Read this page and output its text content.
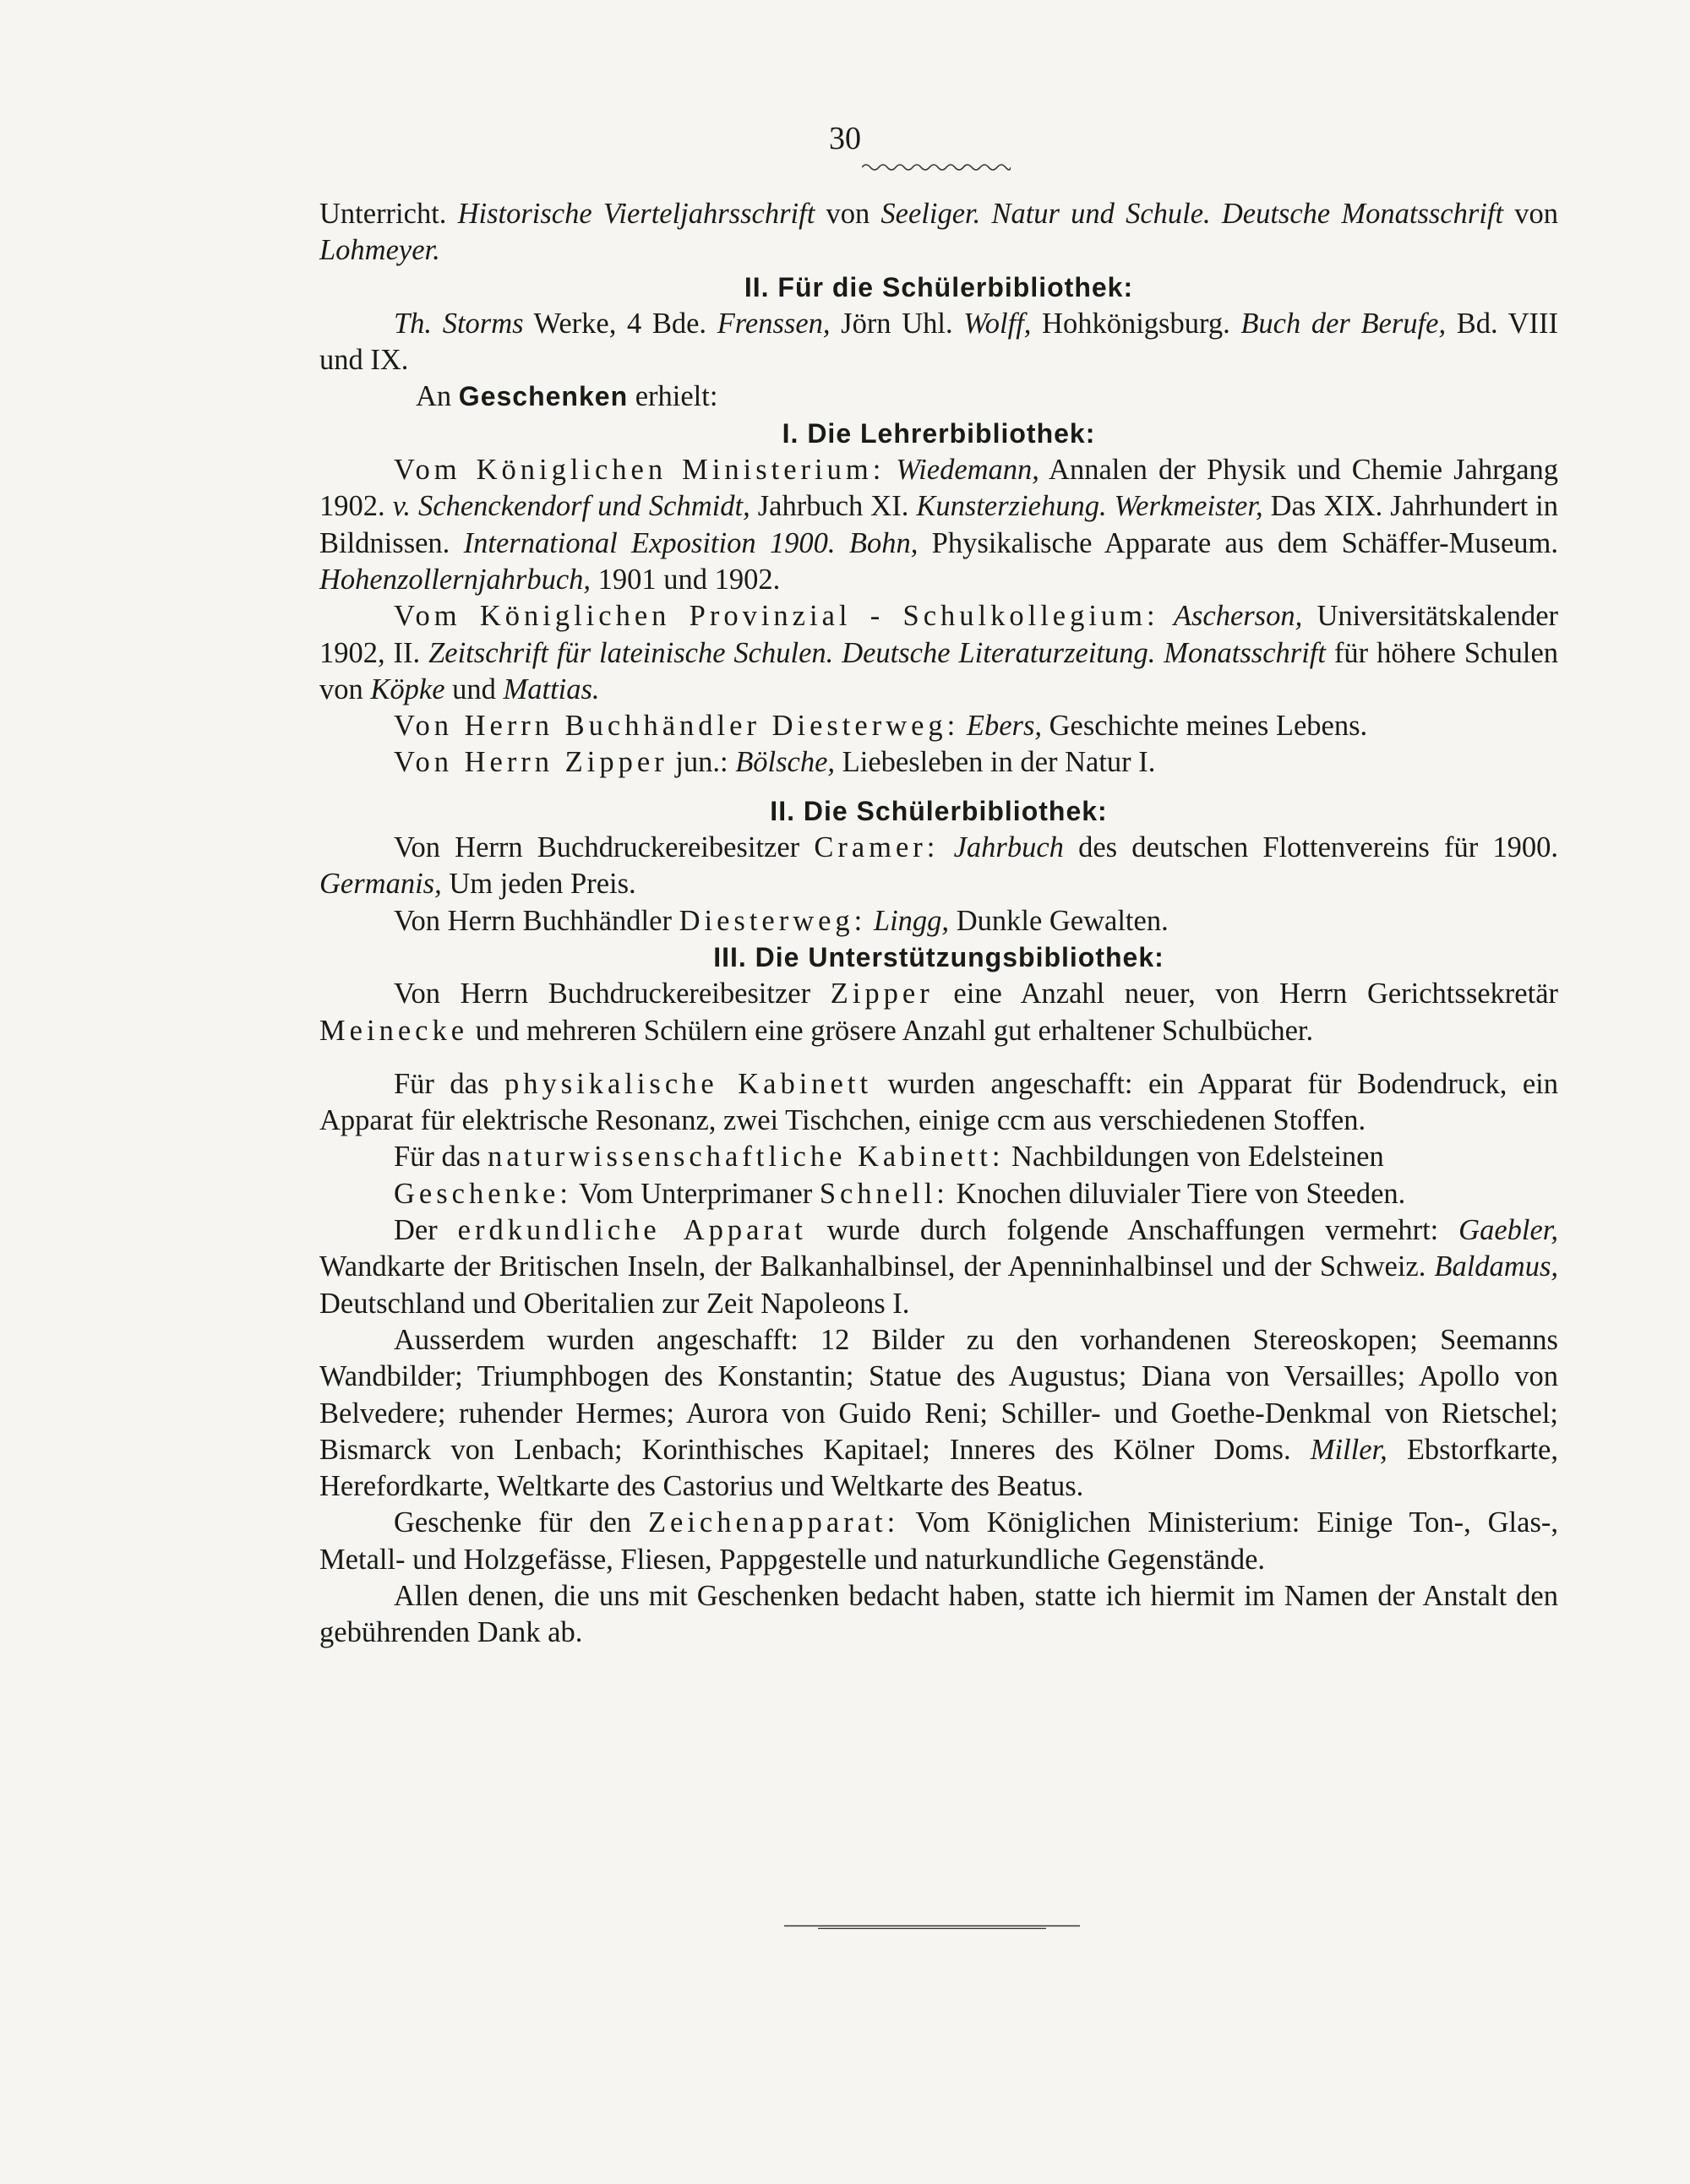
30

Unterricht. Historische Vierteljahrsschrift von Seeliger. Natur und Schule. Deutsche Monatsschrift von Lohmeyer.

II. Für die Schülerbibliothek:

Th. Storms Werke, 4 Bde. Frenssen, Jörn Uhl. Wolff, Hohkönigsburg. Buch der Berufe, Bd. VIII und IX.

An Geschenken erhielt:

I. Die Lehrerbibliothek:

Vom Königlichen Ministerium: Wiedemann, Annalen der Physik und Chemie Jahrgang 1902. v. Schenckendorf und Schmidt, Jahrbuch XI. Kunsterziehung. Werkmeister, Das XIX. Jahrhundert in Bildnissen. International Exposition 1900. Bohn, Physikalische Apparate aus dem Schäffer-Museum. Hohenzollernjahrbuch, 1901 und 1902.

Vom Königlichen Provinzial - Schulkollegium: Ascherson, Universitätskalender 1902, II. Zeitschrift für lateinische Schulen. Deutsche Literaturzeitung. Monatsschrift für höhere Schulen von Köpke und Mattias.

Von Herrn Buchhändler Diesterweg: Ebers, Geschichte meines Lebens.

Von Herrn Zipper jun.: Bölsche, Liebesleben in der Natur I.

II. Die Schülerbibliothek:

Von Herrn Buchdruckereibesitzer Cramer: Jahrbuch des deutschen Flottenvereins für 1900. Germanis, Um jeden Preis.

Von Herrn Buchhändler Diesterweg: Lingg, Dunkle Gewalten.

III. Die Unterstützungsbibliothek:

Von Herrn Buchdruckereibesitzer Zipper eine Anzahl neuer, von Herrn Gerichtssekretär Meinecke und mehreren Schülern eine grösere Anzahl gut erhaltener Schulbücher.

Für das physikalische Kabinett wurden angeschafft: ein Apparat für Bodendruck, ein Apparat für elektrische Resonanz, zwei Tischchen, einige ccm aus verschiedenen Stoffen.

Für das naturwissenschaftliche Kabinett: Nachbildungen von Edelsteinen

Geschenke: Vom Unterprimaner Schnell: Knochen diluvialer Tiere von Steeden.

Der erdkundliche Apparat wurde durch folgende Anschaffungen vermehrt: Gaebler, Wandkarte der Britischen Inseln, der Balkanhalbinsel, der Apenninhalbinsel und der Schweiz. Baldamus, Deutschland und Oberitalien zur Zeit Napoleons I.

Ausserdem wurden angeschafft: 12 Bilder zu den vorhandenen Stereoskopen; Seemanns Wandbilder; Triumphbogen des Konstantin; Statue des Augustus; Diana von Versailles; Apollo von Belvedere; ruhender Hermes; Aurora von Guido Reni; Schiller- und Goethe-Denkmal von Rietschel; Bismarck von Lenbach; Korinthisches Kapitael; Inneres des Kölner Doms. Miller, Ebstorfkarte, Herefordkarte, Weltkarte des Castorius und Weltkarte des Beatus.

Geschenke für den Zeichenapparat: Vom Königlichen Ministerium: Einige Ton-, Glas-, Metall- und Holzgefässe, Fliesen, Pappgestelle und naturkundliche Gegenstände.

Allen denen, die uns mit Geschenken bedacht haben, statte ich hiermit im Namen der Anstalt den gebührenden Dank ab.
